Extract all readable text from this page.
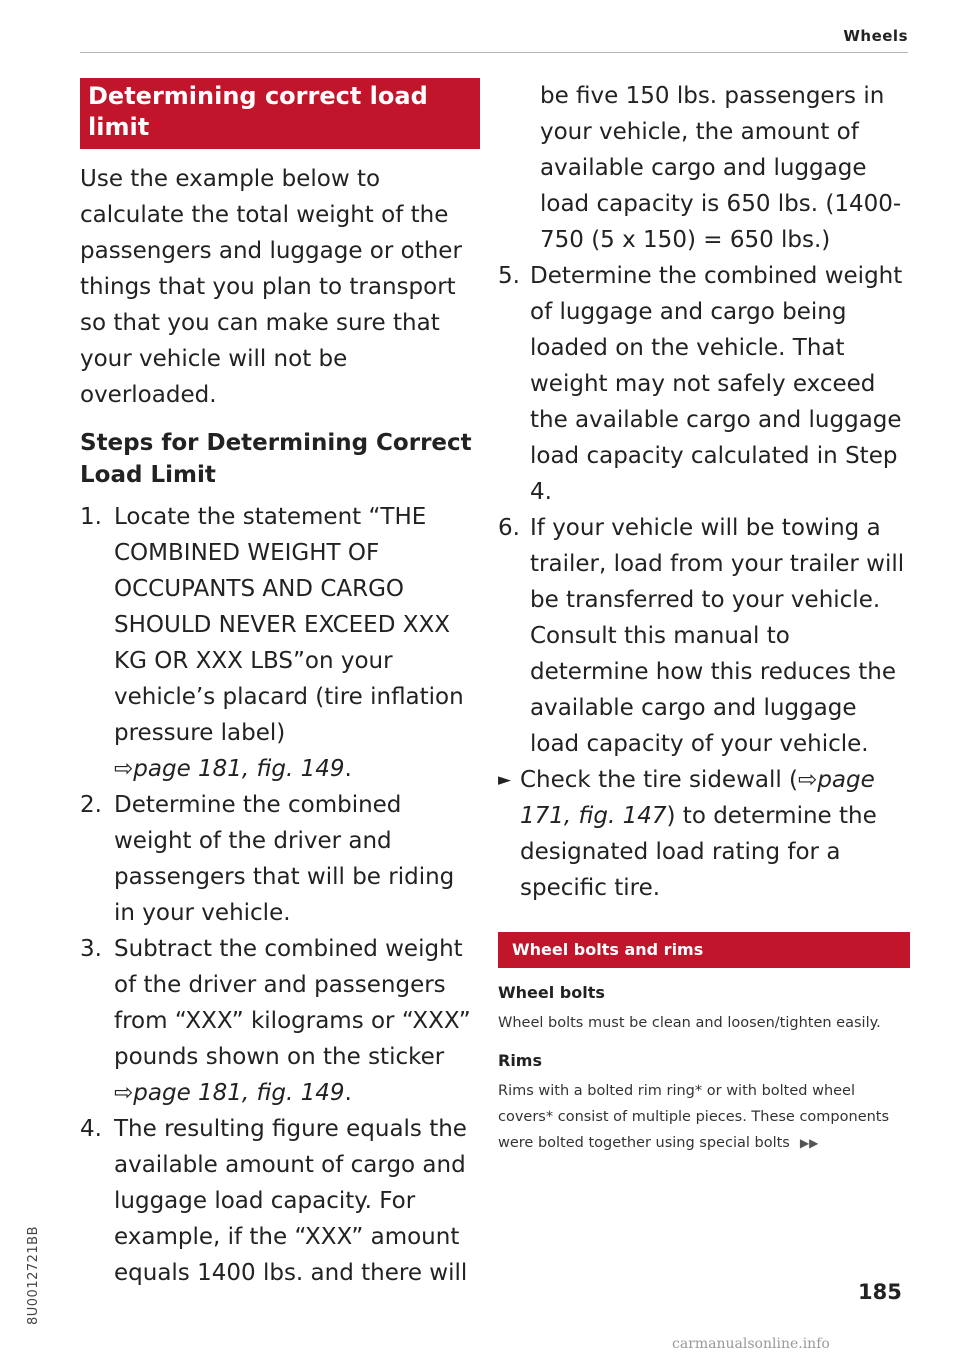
Wheels
Determining correct load limit

Use the example below to calculate the total weight of the passengers and luggage or other things that you plan to transport so that you can make sure that your vehicle will not be overloaded.

Steps for Determining Correct Load Limit
1. Locate the statement “THE COMBINED WEIGHT OF OCCUPANTS AND CARGO SHOULD NEVER EXCEED XXX KG OR XXX LBS”on your vehicle’s placard (tire inflation pressure label)
⇨page 181, fig. 149.
2. Determine the combined weight of the driver and passengers that will be riding in your vehicle.
3. Subtract the combined weight of the driver and passengers from “XXX” kilograms or “XXX” pounds shown on the sticker
⇨page 181, fig. 149.
4. The resulting figure equals the available amount of cargo and luggage load capacity. For example, if the “XXX” amount equals 1400 lbs. and there will

be five 150 lbs. passengers in your vehicle, the amount of available cargo and luggage load capacity is 650 lbs. (1400-750 (5 x 150) = 650 lbs.)

5. Determine the combined weight of luggage and cargo being loaded on the vehicle. That weight may not safely exceed the available cargo and luggage load capacity calculated in Step 4.
6. If your vehicle will be towing a trailer, load from your trailer will be transferred to your vehicle. Consult this manual to determine how this reduces the available cargo and luggage load capacity of your vehicle.
► Check the tire sidewall (⇨page 171, fig. 147) to determine the designated load rating for a specific tire.
Wheel bolts and rims
Wheel bolts

Wheel bolts must be clean and loosen/tighten easily.

Rims

Rims with a bolted rim ring* or with bolted wheel covers* consist of multiple pieces. These components were bolted together using special bolts ▶▶

185
8U0012721BB
carmanualsonline.info
